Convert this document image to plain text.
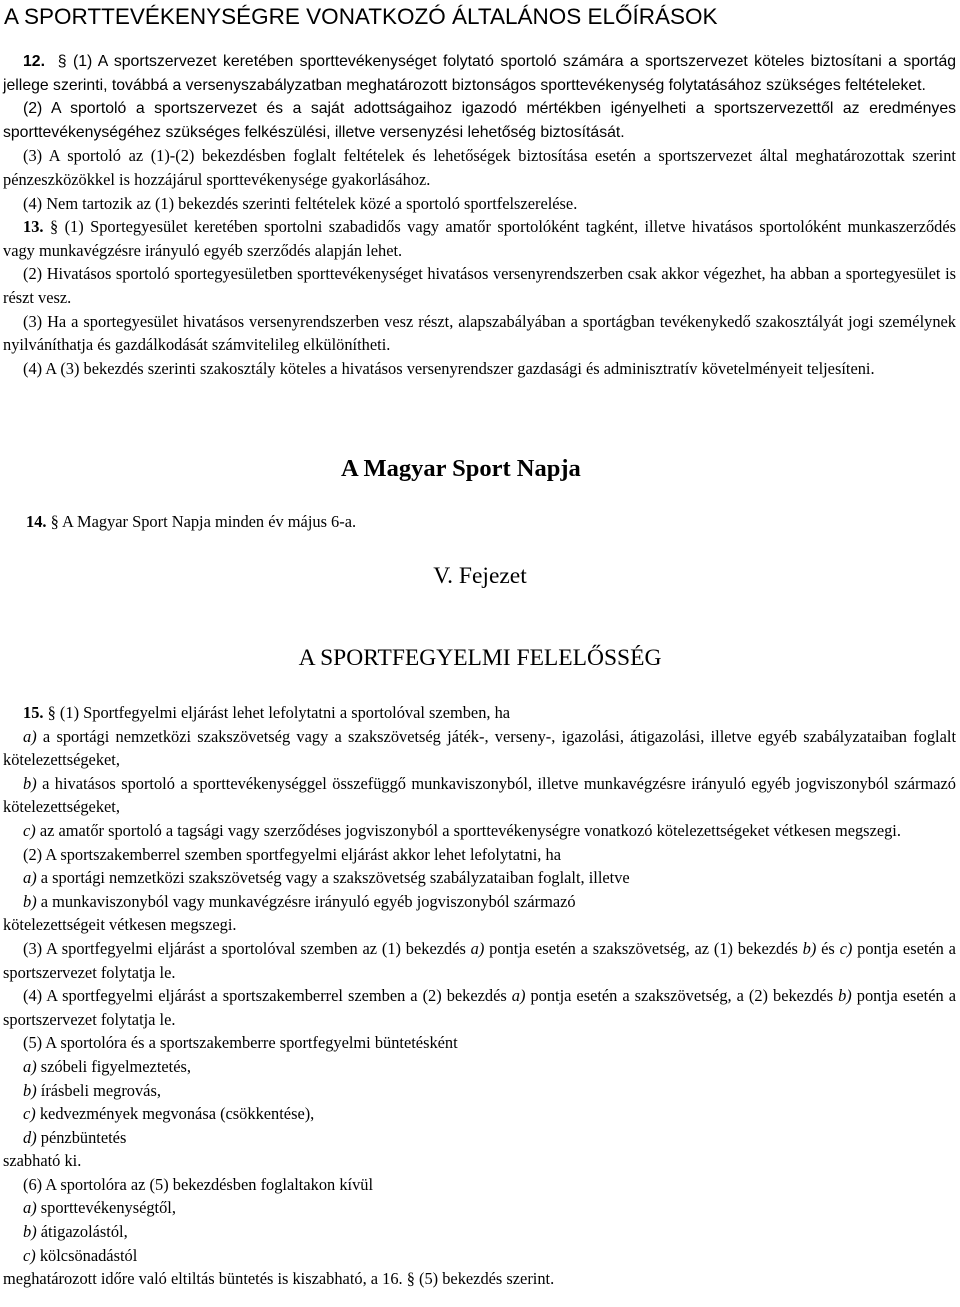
A SPORTTEVÉKENYSÉGRE VONATKOZÓ ÁLTALÁNOS ELŐÍRÁSOK

12. § (1) A sportszervezet keretében sporttevékenységet folytató sportoló számára a sportszervezet köteles biztosítani a sportág jellege szerinti, továbbá a versenyszabályzatban meghatározott biztonságos sporttevékenység folytatásához szükséges feltételeket.

(2) A sportoló a sportszervezet és a saját adottságaihoz igazodó mértékben igényelheti a sportszervezettől az eredményes sporttevékenységéhez szükséges felkészülési, illetve versenyzési lehetőség biztosítását.

(3) A sportoló az (1)-(2) bekezdésben foglalt feltételek és lehetőségek biztosítása esetén a sportszervezet által meghatározottak szerint pénzeszközökkel is hozzájárul sporttevékenysége gyakorlásához.

(4) Nem tartozik az (1) bekezdés szerinti feltételek közé a sportoló sportfelszerelése.

13. § (1) Sportegyesület keretében sportolni szabadidős vagy amatőr sportolóként tagként, illetve hivatásos sportolóként munkaszerződés vagy munkavégzésre irányuló egyéb szerződés alapján lehet.

(2) Hivatásos sportoló sportegyesületben sporttevékenységet hivatásos versenyrendszerben csak akkor végezhet, ha abban a sportegyesület is részt vesz.

(3) Ha a sportegyesület hivatásos versenyrendszerben vesz részt, alapszabályában a sportágban tevékenykedő szakosztályát jogi személynek nyilváníthatja és gazdálkodását számvitelileg elkülönítheti.

(4) A (3) bekezdés szerinti szakosztály köteles a hivatásos versenyrendszer gazdasági és adminisztratív követelményeit teljesíteni.

A Magyar Sport Napja

14. § A Magyar Sport Napja minden év május 6-a.

V. Fejezet

A SPORTFEGYELMI FELELŐSSÉG

15. § (1) Sportfegyelmi eljárást lehet lefolytatni a sportolóval szemben, ha

a) a sportági nemzetközi szakszövetség vagy a szakszövetség játék-, verseny-, igazolási, átigazolási, illetve egyéb szabályzataiban foglalt kötelezettségeket,

b) a hivatásos sportoló a sporttevékenységgel összefüggő munkaviszonyból, illetve munkavégzésre irányuló egyéb jogviszonyból származó kötelezettségeket,

c) az amatőr sportoló a tagsági vagy szerződéses jogviszonyból a sporttevékenységre vonatkozó kötelezettségeket vétkesen megszegi.

(2) A sportszakemberrel szemben sportfegyelmi eljárást akkor lehet lefolytatni, ha

a) a sportági nemzetközi szakszövetség vagy a szakszövetség szabályzataiban foglalt, illetve

b) a munkaviszonyból vagy munkavégzésre irányuló egyéb jogviszonyból származó
kötelezettségeit vétkesen megszegi.

(3) A sportfegyelmi eljárást a sportolóval szemben az (1) bekezdés a) pontja esetén a szakszövetség, az (1) bekezdés b) és c) pontja esetén a sportszervezet folytatja le.

(4) A sportfegyelmi eljárást a sportszakemberrel szemben a (2) bekezdés a) pontja esetén a szakszövetség, a (2) bekezdés b) pontja esetén a sportszervezet folytatja le.

(5) A sportolóra és a sportszakemberre sportfegyelmi büntetésként

a) szóbeli figyelmeztetés,

b) írásbeli megrovás,

c) kedvezmények megvonása (csökkentése),

d) pénzbüntetés

szabható ki.

(6) A sportolóra az (5) bekezdésben foglaltakon kívül

a) sporttevékenységtől,

b) átigazolástól,

c) kölcsönadástól

meghatározott időre való eltiltás büntetés is kiszabható, a 16. § (5) bekezdés szerint.
